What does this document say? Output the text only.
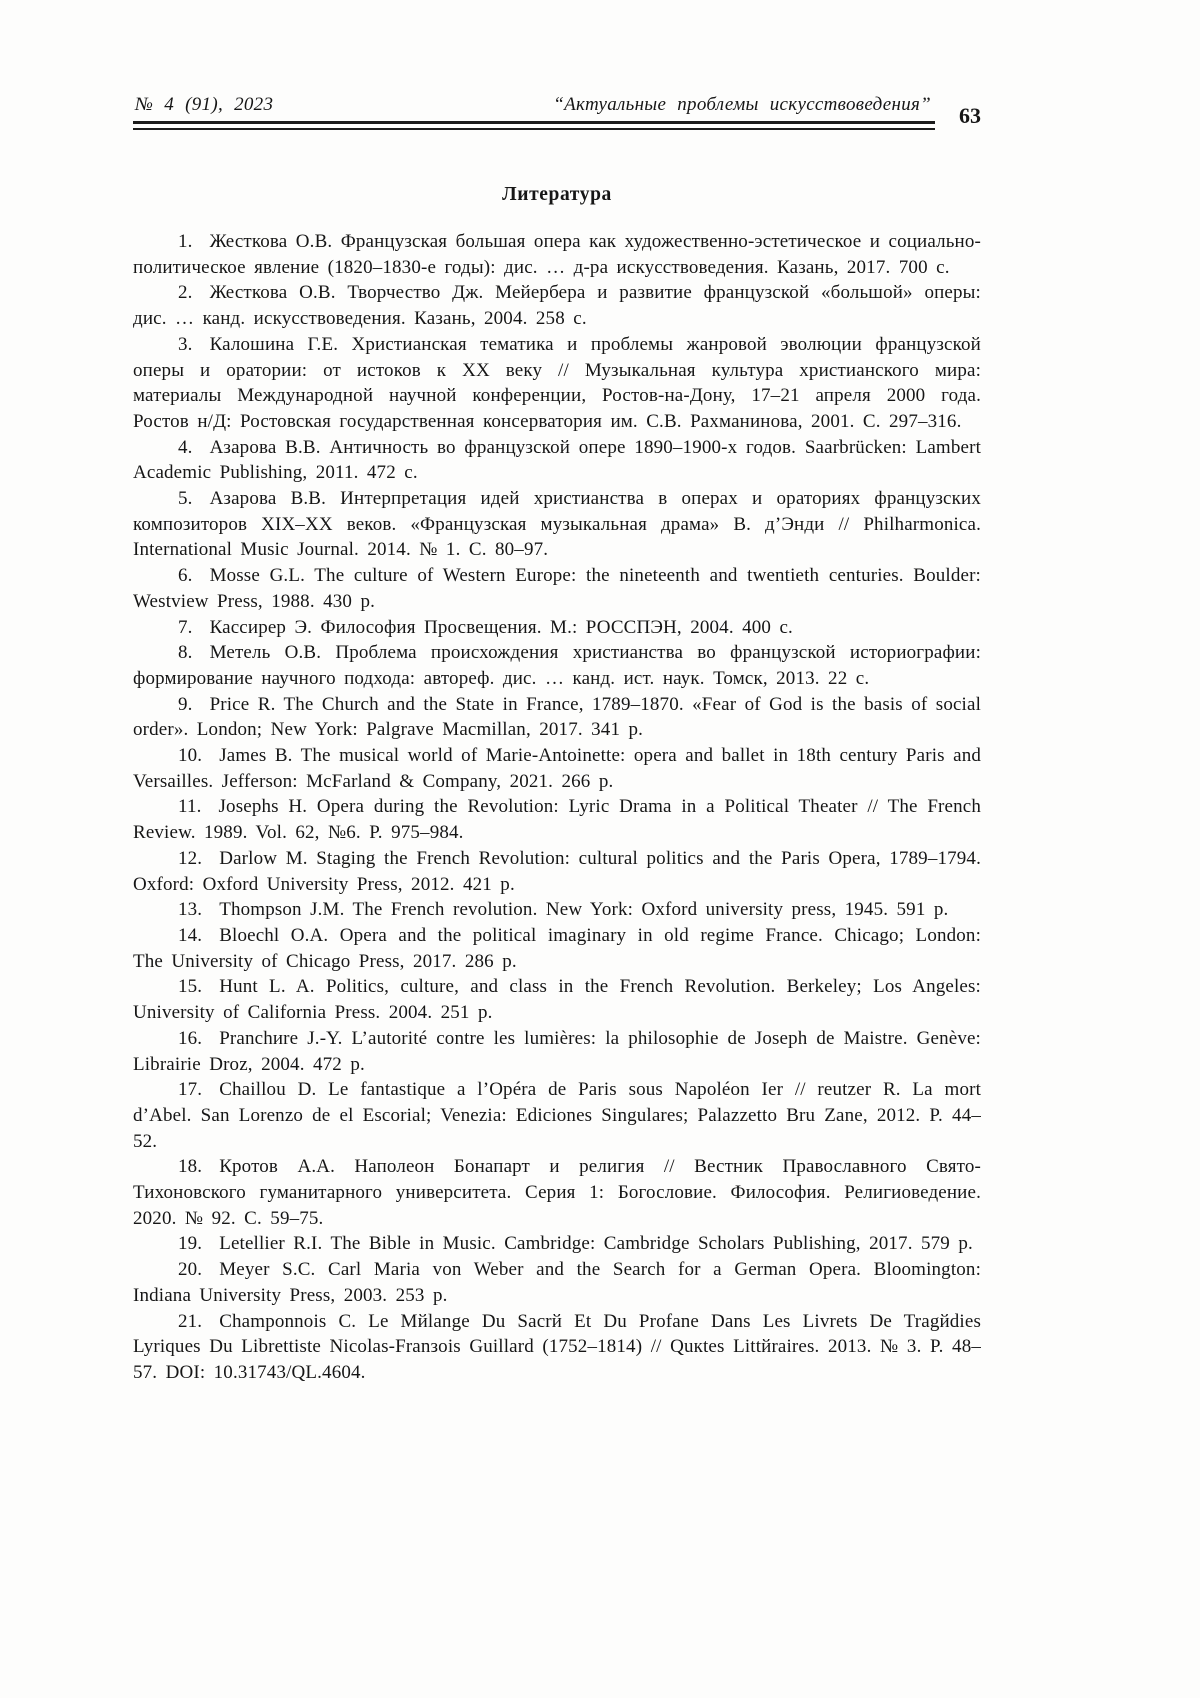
№ 4 (91), 2023	“Актуальные проблемы искусствоведения”	63
Литература

1. Жесткова О.В. Французская большая опера как художественно-эстетическое и социально-политическое явление (1820–1830-е годы): дис. … д-ра искусствоведения. Казань, 2017. 700 с.

2. Жесткова О.В. Творчество Дж. Мейербера и развитие французской «большой» оперы: дис. … канд. искусствоведения. Казань, 2004. 258 с.

3. Калошина Г.Е. Христианская тематика и проблемы жанровой эволюции французской оперы и оратории: от истоков к XX веку // Музыкальная культура христианского мира: материалы Международной научной конференции, Ростов-на-Дону, 17–21 апреля 2000 года. Ростов н/Д: Ростовская государственная консерватория им. С.В. Рахманинова, 2001. С. 297–316.

4. Азарова В.В. Античность во французской опере 1890–1900-х годов. Saarbrücken: Lambert Academic Publishing, 2011. 472 с.

5. Азарова В.В. Интерпретация идей христианства в операх и ораториях французских композиторов XIX–XX веков. «Французская музыкальная драма» В. д’Энди // Philharmonica. International Music Journal. 2014. № 1. С. 80–97.

6. Mosse G.L. The culture of Western Europe: the nineteenth and twentieth centuries. Boulder: Westview Press, 1988. 430 p.

7. Кассирер Э. Философия Просвещения. М.: РОССПЭН, 2004. 400 с.

8. Метель О.В. Проблема происхождения христианства во французской историографии: формирование научного подхода: автореф. дис. … канд. ист. наук. Томск, 2013. 22 с.

9. Price R. The Church and the State in France, 1789–1870. «Fear of God is the basis of social order». London; New York: Palgrave Macmillan, 2017. 341 p.

10. James B. The musical world of Marie-Antoinette: opera and ballet in 18th century Paris and Versailles. Jefferson: McFarland & Company, 2021. 266 p.

11. Josephs H. Opera during the Revolution: Lyric Drama in a Political Theater // The French Review. 1989. Vol. 62, №6. P. 975–984.

12. Darlow M. Staging the French Revolution: cultural politics and the Paris Opera, 1789–1794. Oxford: Oxford University Press, 2012. 421 p.

13. Thompson J.M. The French revolution. New York: Oxford university press, 1945. 591 p.

14. Bloechl O.A. Opera and the political imaginary in old regime France. Chicago; London: The University of Chicago Press, 2017. 286 p.

15. Hunt L. A. Politics, culture, and class in the French Revolution. Berkeley; Los Angeles: University of California Press. 2004. 251 p.

16. Pranchиre J.-Y. L’autorité contre les lumières: la philosophie de Joseph de Maistre. Genève: Librairie Droz, 2004. 472 p.

17. Chaillou D. Le fantastique a l’Opéra de Paris sous Napoléon Ier // reutzer R. La mort d’Abel. San Lorenzo de el Escorial; Venezia: Ediciones Singulares; Palazzetto Bru Zane, 2012. P. 44–52.

18. Кротов А.А. Наполеон Бонапарт и религия // Вестник Православного Свято-Тихоновского гуманитарного университета. Серия 1: Богословие. Философия. Религиоведение. 2020. № 92. С. 59–75.

19. Letellier R.I. The Bible in Music. Cambridge: Cambridge Scholars Publishing, 2017. 579 p.

20. Meyer S.C. Carl Maria von Weber and the Search for a German Opera. Bloomington: Indiana University Press, 2003. 253 p.

21. Champonnois C. Le Mйlange Du Sacrй Et Du Profane Dans Les Livrets De Tragйdies Lyriques Du Librettiste Nicolas-Franзois Guillard (1752–1814) // Quкtes Littйraires. 2013. № 3. P. 48–57. DOI: 10.31743/QL.4604.
